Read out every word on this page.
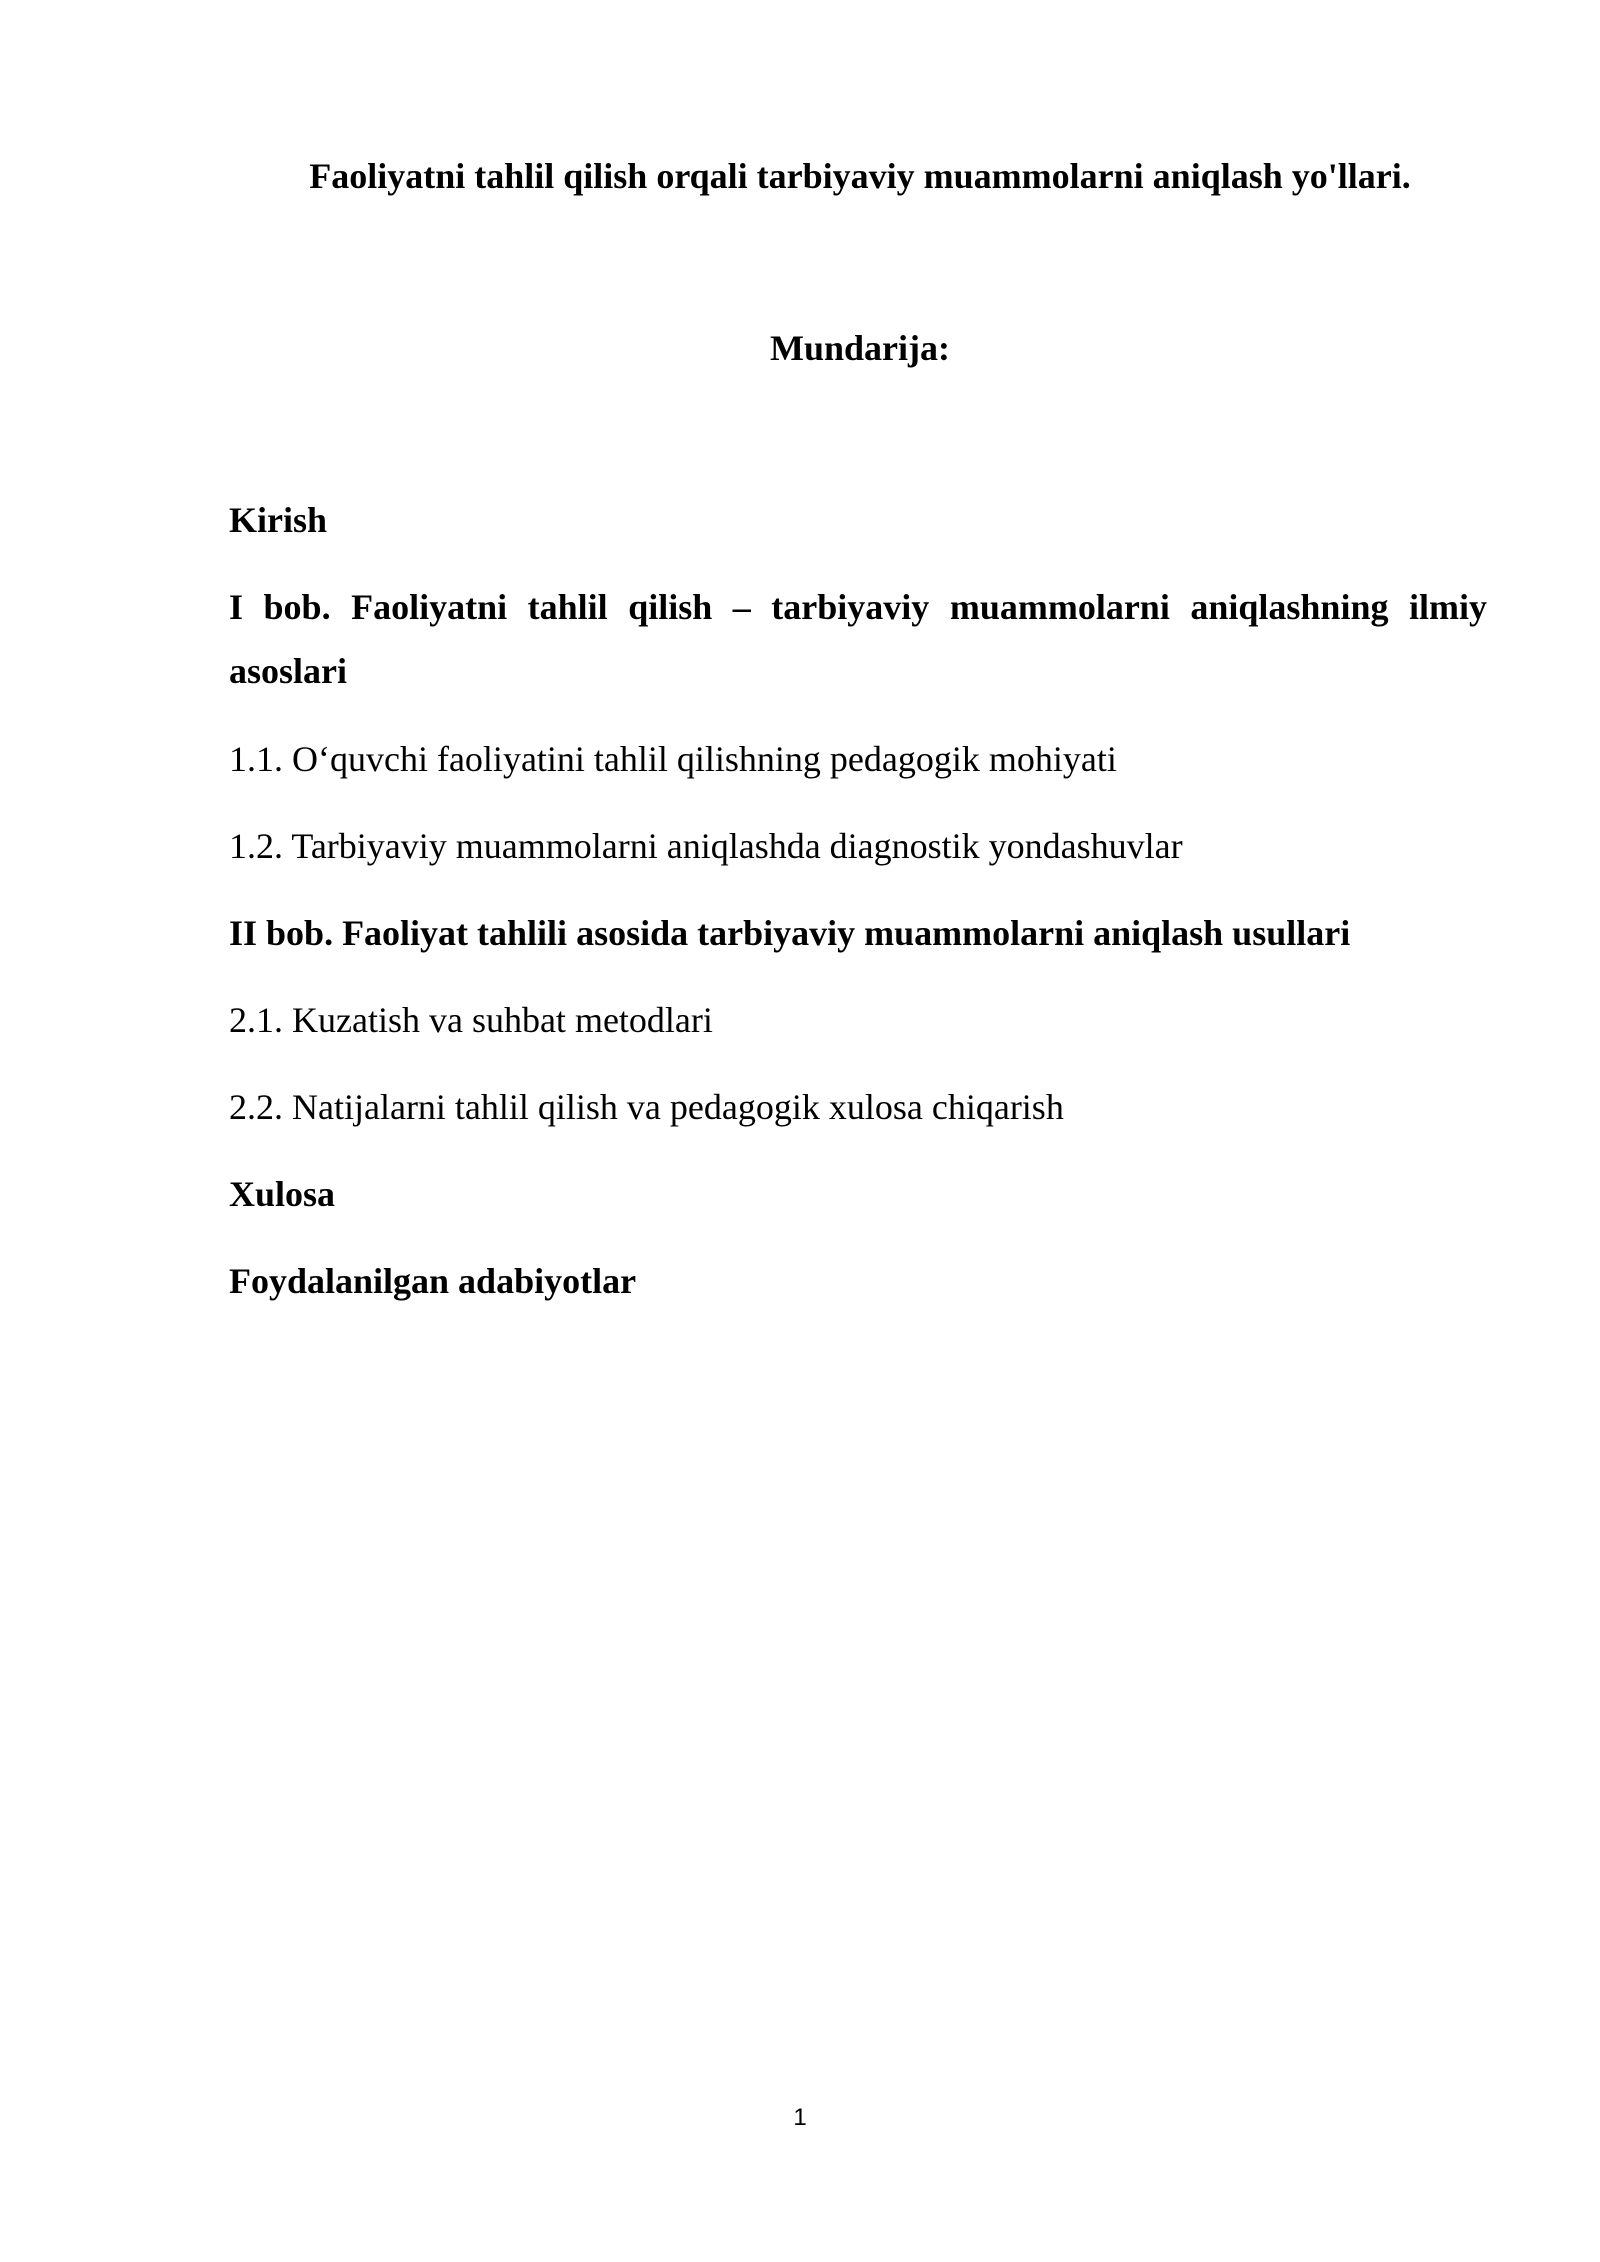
Faoliyatni tahlil qilish orqali tarbiyaviy muammolarni aniqlash yo'llari.
Mundarija:

Kirish

I bob. Faoliyatni tahlil qilish – tarbiyaviy muammolarni aniqlashning ilmiy asoslari

1.1. O‘quvchi faoliyatini tahlil qilishning pedagogik mohiyati

1.2. Tarbiyaviy muammolarni aniqlashda diagnostik yondashuvlar

II bob. Faoliyat tahlili asosida tarbiyaviy muammolarni aniqlash usullari

2.1. Kuzatish va suhbat metodlari

2.2. Natijalarni tahlil qilish va pedagogik xulosa chiqarish

Xulosa

Foydalanilgan adabiyotlar

1
